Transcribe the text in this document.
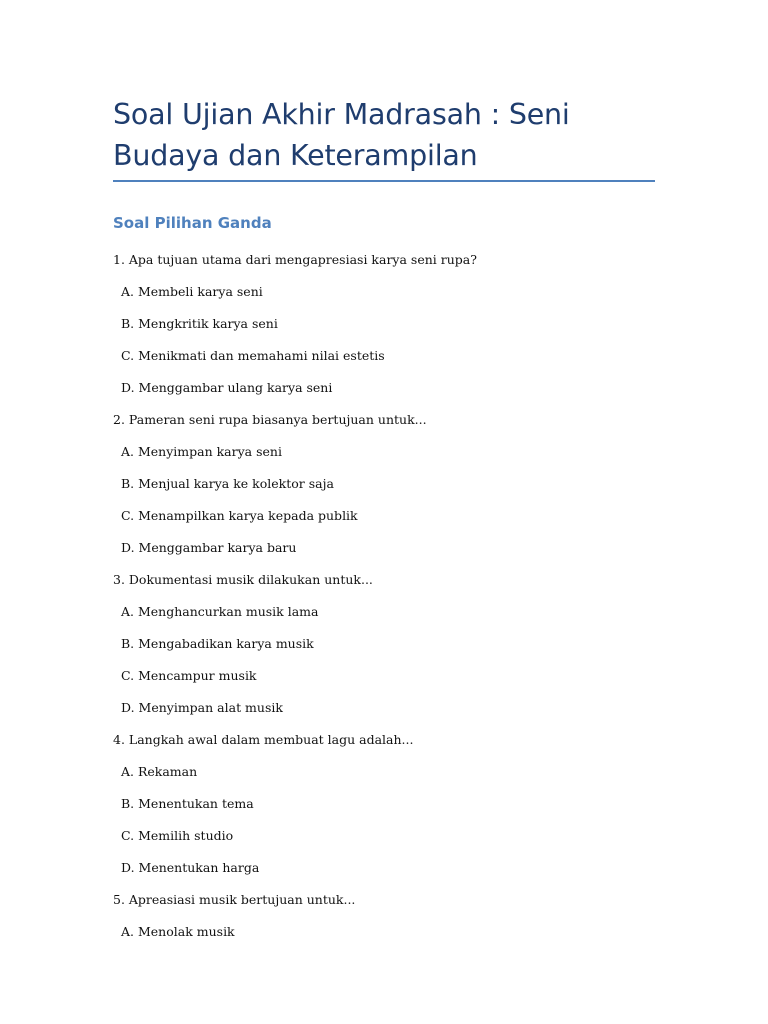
Soal Ujian Akhir Madrasah : Seni Budaya dan Keterampilan
Soal Pilihan Ganda

1. Apa tujuan utama dari mengapresiasi karya seni rupa?

A. Membeli karya seni

B. Mengkritik karya seni

C. Menikmati dan memahami nilai estetis

D. Menggambar ulang karya seni

2. Pameran seni rupa biasanya bertujuan untuk...

A. Menyimpan karya seni

B. Menjual karya ke kolektor saja

C. Menampilkan karya kepada publik

D. Menggambar karya baru

3. Dokumentasi musik dilakukan untuk...

A. Menghancurkan musik lama

B. Mengabadikan karya musik

C. Mencampur musik

D. Menyimpan alat musik

4. Langkah awal dalam membuat lagu adalah...

A. Rekaman

B. Menentukan tema

C. Memilih studio

D. Menentukan harga

5. Apreasiasi musik bertujuan untuk...

A. Menolak musik
